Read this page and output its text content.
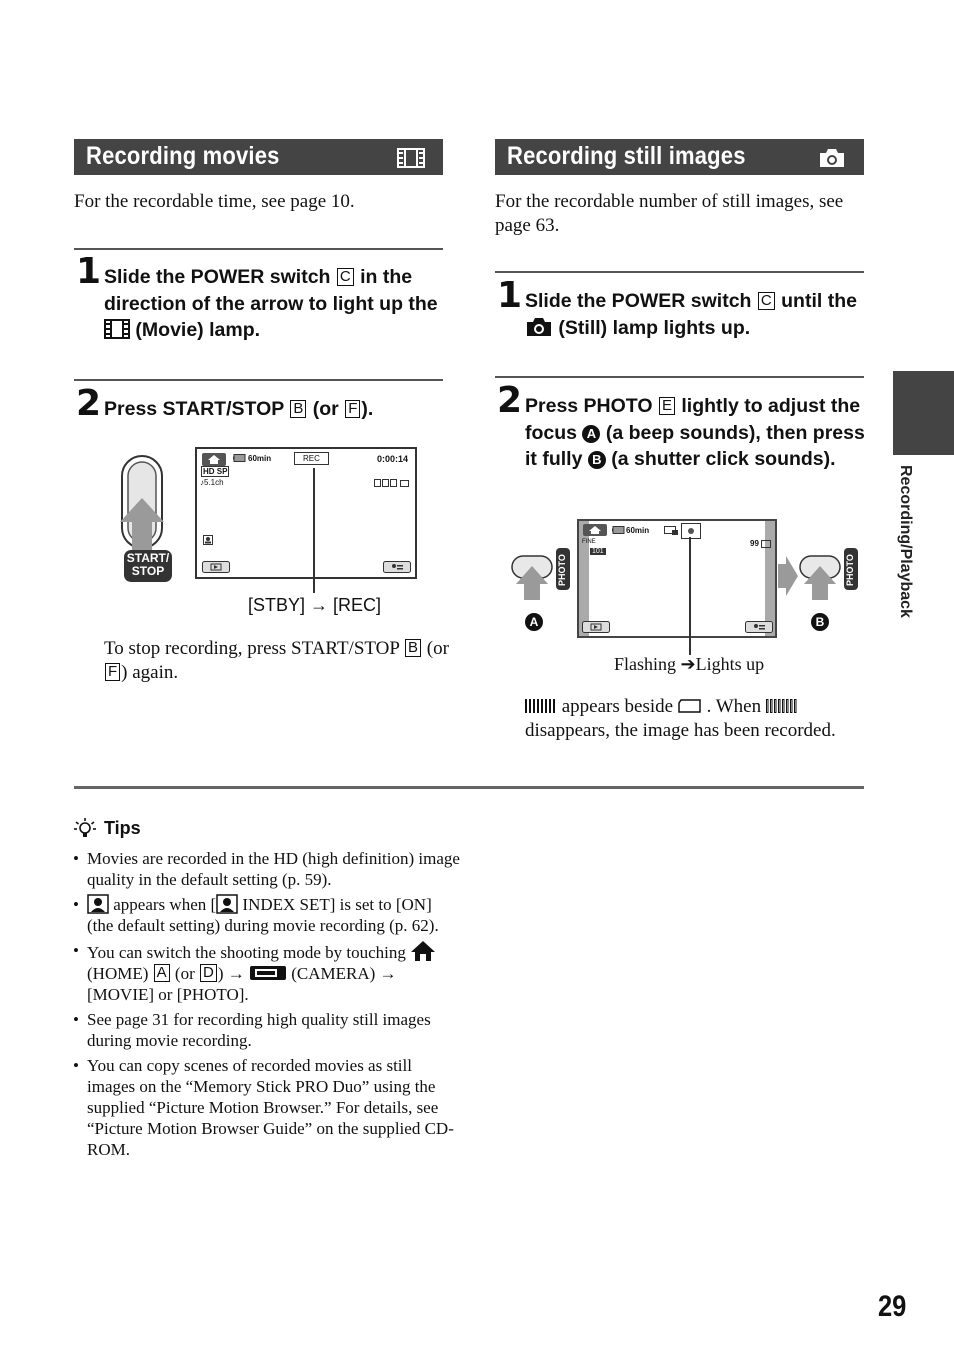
Recording movies
For the recordable time, see page 10.
1 Slide the POWER switch C in the direction of the arrow to light up the  (Movie) lamp.
2 Press START/STOP B (or F ).
START/ STOP
60min	REC	0:00:14
HD SP
♪5.1ch
[STBY] → [REC]
To stop recording, press START/STOP B (or F ) again.
Recording still images
For the recordable number of still images, see page 63.
1 Slide the POWER switch C until the  (Still) lamp lights up.
2 Press PHOTO E lightly to adjust the focus A (a beep sounds), then press it fully B (a shutter click sounds).
PHOTO
A
60min
FINE
101
99
PHOTO
B
Flashing ➔Lights up
appears beside . When  disappears, the image has been recorded.
Tips
• Movies are recorded in the HD (high definition) image quality in the default setting (p. 59).
• appears when [ INDEX SET] is set to [ON] (the default setting) during movie recording (p. 62).
• You can switch the shooting mode by touching  (HOME) A (or D ) →	(CAMERA) → [MOVIE] or [PHOTO].
• See page 31 for recording high quality still images during movie recording.
• You can copy scenes of recorded movies as still images on the “Memory Stick PRO Duo” using the supplied “Picture Motion Browser.” For details, see “Picture Motion Browser Guide” on the supplied CD-ROM.
Recording/Playback
29
